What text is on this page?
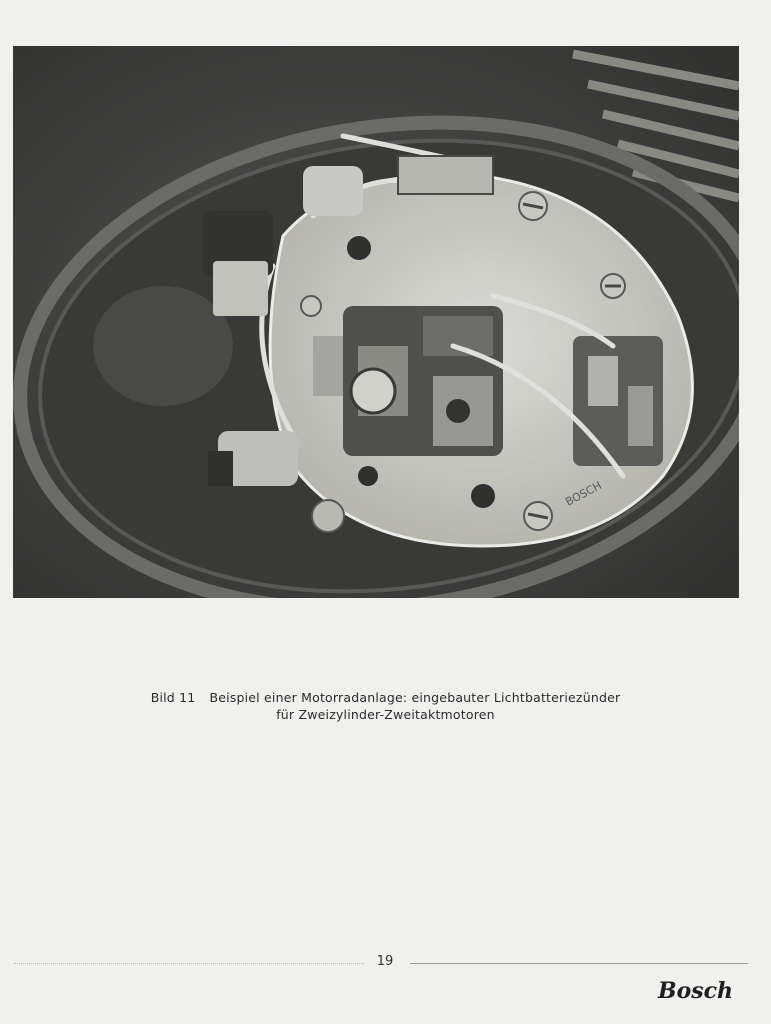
BOSCH
Bild 11 Beispiel einer Motorradanlage: eingebauter Lichtbatteriezünder
für Zweizylinder-Zweitaktmotoren
19
Bosch
